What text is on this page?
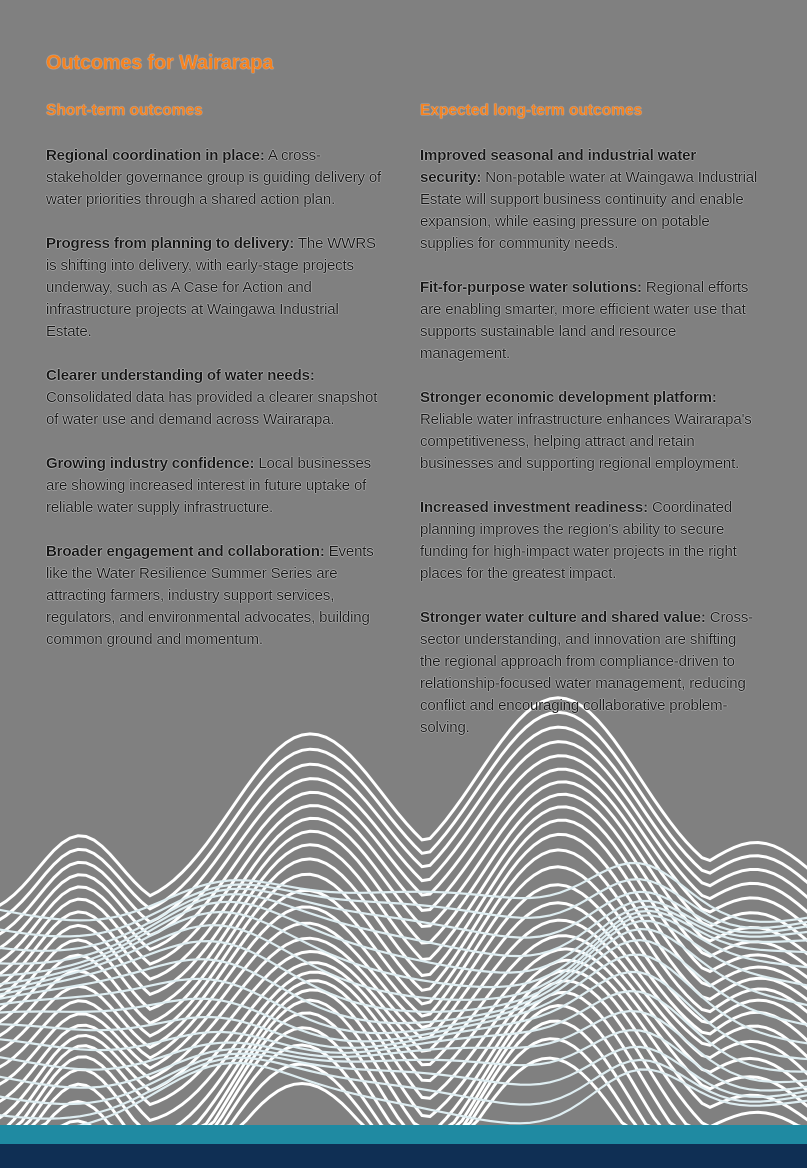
Outcomes for Wairarapa
Short-term outcomes

Regional coordination in place: A cross-stakeholder governance group is guiding delivery of water priorities through a shared action plan.

Progress from planning to delivery: The WWRS is shifting into delivery, with early-stage projects underway, such as A Case for Action and infrastructure projects at Waingawa Industrial Estate.

Clearer understanding of water needs: Consolidated data has provided a clearer snapshot of water use and demand across Wairarapa.

Growing industry confidence: Local businesses are showing increased interest in future uptake of reliable water supply infrastructure.

Broader engagement and collaboration: Events like the Water Resilience Summer Series are attracting farmers, industry support services, regulators, and environmental advocates, building common ground and momentum.

Expected long-term outcomes

Improved seasonal and industrial water security: Non-potable water at Waingawa Industrial Estate will support business continuity and enable expansion, while easing pressure on potable supplies for community needs.

Fit-for-purpose water solutions: Regional efforts are enabling smarter, more efficient water use that supports sustainable land and resource management.

Stronger economic development platform: Reliable water infrastructure enhances Wairarapa's competitiveness, helping attract and retain businesses and supporting regional employment.

Increased investment readiness: Coordinated planning improves the region's ability to secure funding for high-impact water projects in the right places for the greatest impact.

Stronger water culture and shared value: Cross-sector understanding, and innovation are shifting the regional approach from compliance-driven to relationship-focused water management, reducing conflict and encouraging collaborative problem-solving.
